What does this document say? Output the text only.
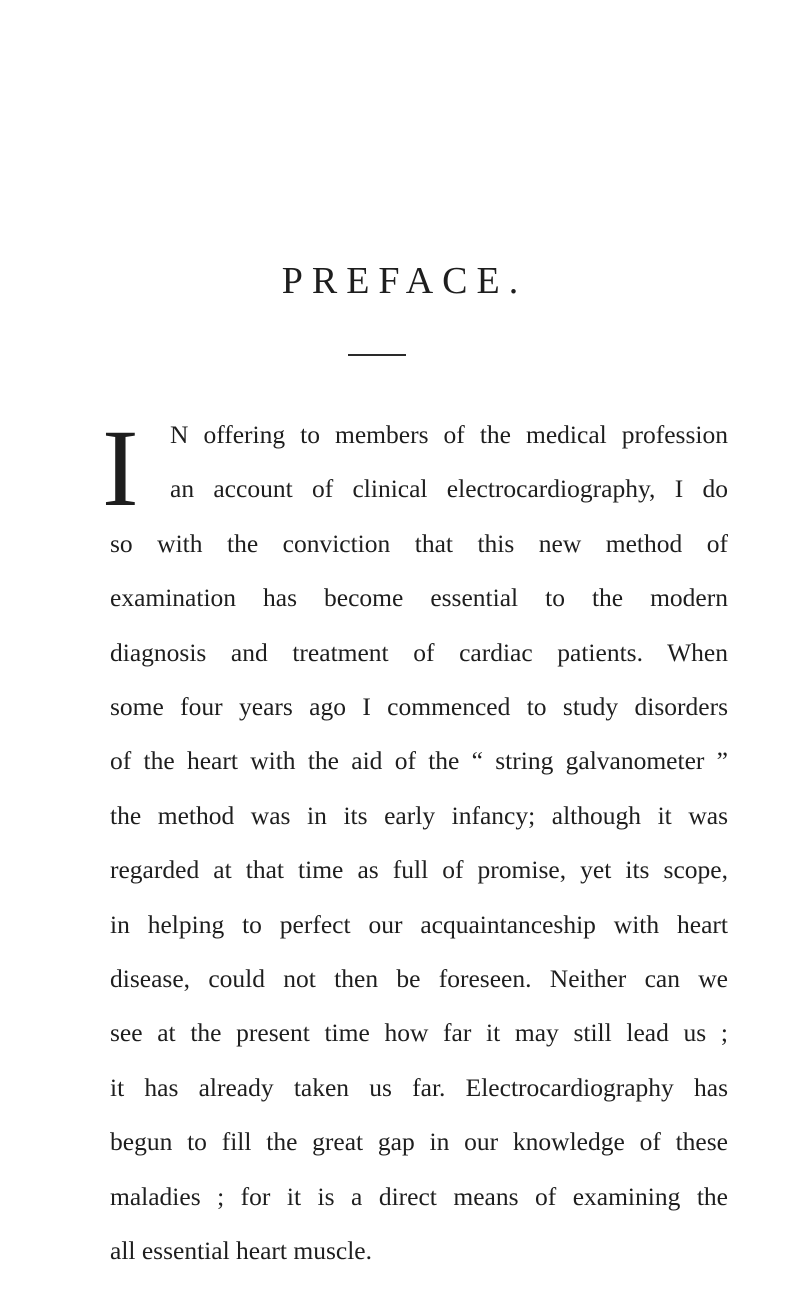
PREFACE.
I N offering to members of the medical profession
an account of clinical electrocardiography, I do
so with the conviction that this new method of
examination has become essential to the modern
diagnosis and treatment of cardiac patients. When
some four years ago I commenced to study disorders
of the heart with the aid of the “ string galvanometer ”
the method was in its early infancy; although it was
regarded at that time as full of promise, yet its scope,
in helping to perfect our acquaintanceship with heart
disease, could not then be foreseen. Neither can we
see at the present time how far it may still lead us ;
it has already taken us far. Electrocardiography has
begun to fill the great gap in our knowledge of these
maladies ; for it is a direct means of examining the
all essential heart muscle.
